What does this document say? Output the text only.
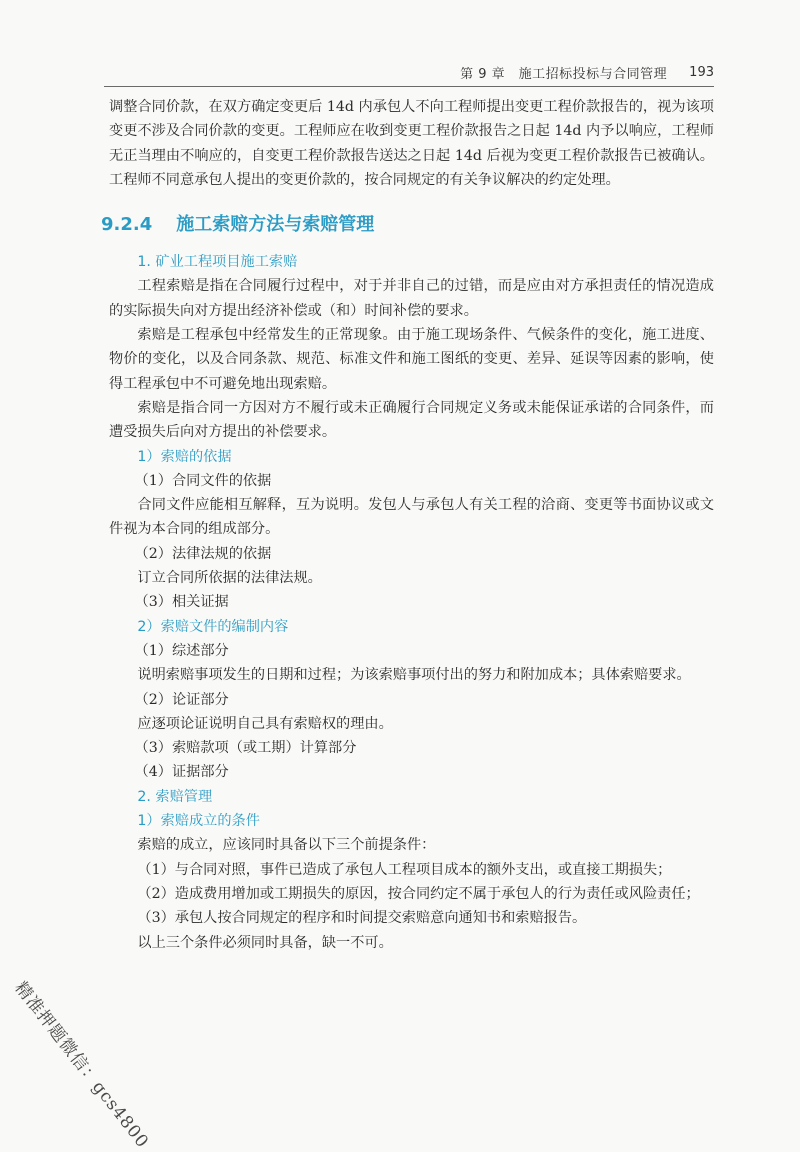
第 9 章　施工招标投标与合同管理 193

调整合同价款，在双方确定变更后 14d 内承包人不向工程师提出变更工程价款报告的，视为该项变更不涉及合同价款的变更。工程师应在收到变更工程价款报告之日起 14d 内予以响应，工程师无正当理由不响应的，自变更工程价款报告送达之日起 14d 后视为变更工程价款报告已被确认。工程师不同意承包人提出的变更价款的，按合同规定的有关争议解决的约定处理。

9.2.4 施工索赔方法与索赔管理

1. 矿业工程项目施工索赔

工程索赔是指在合同履行过程中，对于并非自己的过错，而是应由对方承担责任的情况造成的实际损失向对方提出经济补偿或（和）时间补偿的要求。

索赔是工程承包中经常发生的正常现象。由于施工现场条件、气候条件的变化，施工进度、物价的变化，以及合同条款、规范、标准文件和施工图纸的变更、差异、延误等因素的影响，使得工程承包中不可避免地出现索赔。

索赔是指合同一方因对方不履行或未正确履行合同规定义务或未能保证承诺的合同条件，而遭受损失后向对方提出的补偿要求。

1）索赔的依据

（1）合同文件的依据

合同文件应能相互解释，互为说明。发包人与承包人有关工程的洽商、变更等书面协议或文件视为本合同的组成部分。

（2）法律法规的依据

订立合同所依据的法律法规。

（3）相关证据

2）索赔文件的编制内容

（1）综述部分

说明索赔事项发生的日期和过程；为该索赔事项付出的努力和附加成本；具体索赔要求。

（2）论证部分

应逐项论证说明自己具有索赔权的理由。

（3）索赔款项（或工期）计算部分

（4）证据部分

2. 索赔管理

1）索赔成立的条件

索赔的成立，应该同时具备以下三个前提条件：

（1）与合同对照，事件已造成了承包人工程项目成本的额外支出，或直接工期损失；

（2）造成费用增加或工期损失的原因，按合同约定不属于承包人的行为责任或风险责任；

（3）承包人按合同规定的程序和时间提交索赔意向通知书和索赔报告。

以上三个条件必须同时具备，缺一不可。

精准押题微信：gcs4800
